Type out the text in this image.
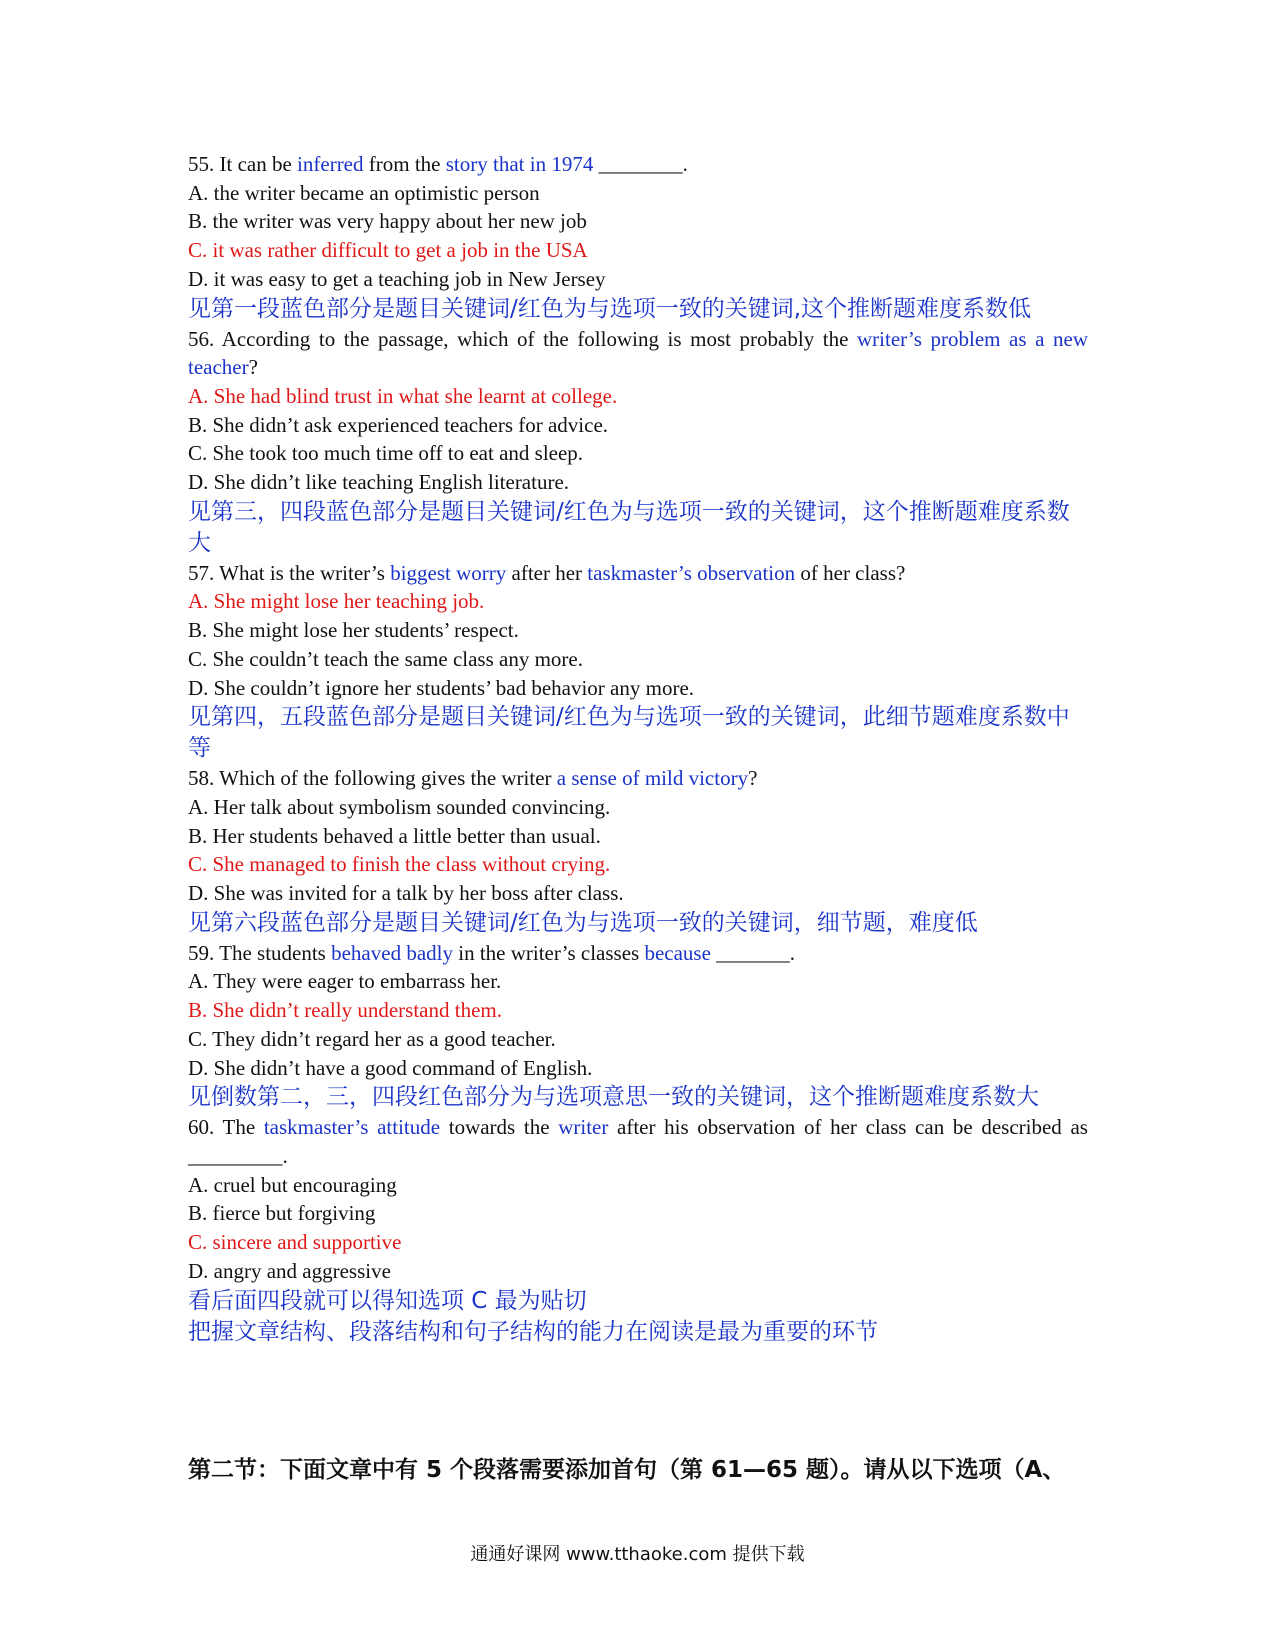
55. It can be inferred from the story that in 1974 ________.

A. the writer became an optimistic person

B. the writer was very happy about her new job

C. it was rather difficult to get a job in the USA

D. it was easy to get a teaching job in New Jersey

见第一段蓝色部分是题目关键词/红色为与选项一致的关键词,这个推断题难度系数低

56. According to the passage, which of the following is most probably the writer’s problem as a new teacher?

A. She had blind trust in what she learnt at college.

B. She didn’t ask experienced teachers for advice.

C. She took too much time off to eat and sleep.

D. She didn’t like teaching English literature.

见第三，四段蓝色部分是题目关键词/红色为与选项一致的关键词，这个推断题难度系数大

57. What is the writer’s biggest worry after her taskmaster’s observation of her class?

A. She might lose her teaching job.

B. She might lose her students’ respect.

C. She couldn’t teach the same class any more.

D. She couldn’t ignore her students’ bad behavior any more.

见第四，五段蓝色部分是题目关键词/红色为与选项一致的关键词，此细节题难度系数中等

58. Which of the following gives the writer a sense of mild victory?

A. Her talk about symbolism sounded convincing.

B. Her students behaved a little better than usual.

C. She managed to finish the class without crying.

D. She was invited for a talk by her boss after class.

见第六段蓝色部分是题目关键词/红色为与选项一致的关键词，细节题，难度低

59. The students behaved badly in the writer’s classes because _______.

A. They were eager to embarrass her.

B. She didn’t really understand them.

C. They didn’t regard her as a good teacher.

D. She didn’t have a good command of English.

见倒数第二，三，四段红色部分为与选项意思一致的关键词，这个推断题难度系数大

60. The taskmaster’s attitude towards the writer after his observation of her class can be described as _________.

A. cruel but encouraging

B. fierce but forgiving

C. sincere and supportive

D. angry and aggressive

看后面四段就可以得知选项 C 最为贴切

把握文章结构、段落结构和句子结构的能力在阅读是最为重要的环节

第二节：下面文章中有 5 个段落需要添加首句（第 61—65 题）。请从以下选项（A、
通通好课网 www.tthaoke.com 提供下载
